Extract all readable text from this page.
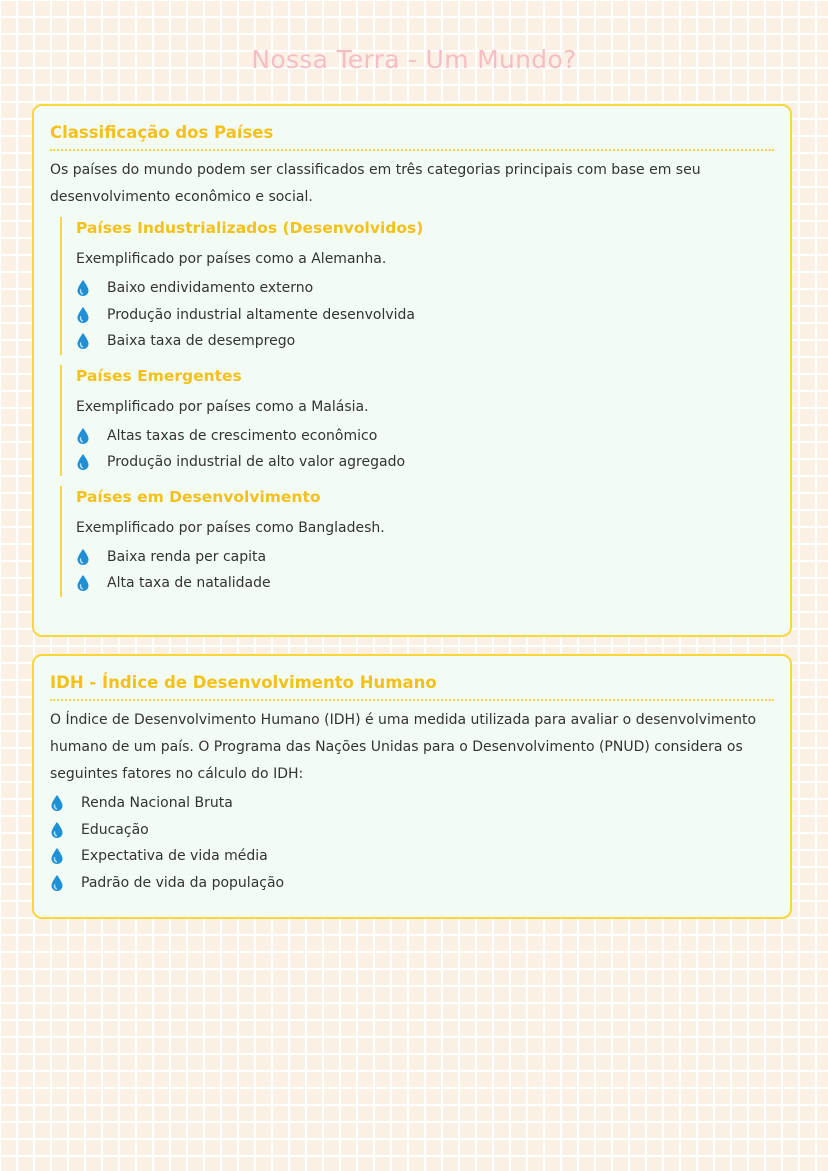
Nossa Terra - Um Mundo?
Classificação dos Países

Os países do mundo podem ser classificados em três categorias principais com base em seu desenvolvimento econômico e social.

Países Industrializados (Desenvolvidos)

Exemplificado por países como a Alemanha.

Baixo endividamento externo
Produção industrial altamente desenvolvida
Baixa taxa de desemprego
Países Emergentes

Exemplificado por países como a Malásia.

Altas taxas de crescimento econômico
Produção industrial de alto valor agregado
Países em Desenvolvimento

Exemplificado por países como Bangladesh.

Baixa renda per capita
Alta taxa de natalidade
IDH - Índice de Desenvolvimento Humano

O Índice de Desenvolvimento Humano (IDH) é uma medida utilizada para avaliar o desenvolvimento humano de um país. O Programa das Nações Unidas para o Desenvolvimento (PNUD) considera os seguintes fatores no cálculo do IDH:

Renda Nacional Bruta
Educação
Expectativa de vida média
Padrão de vida da população
